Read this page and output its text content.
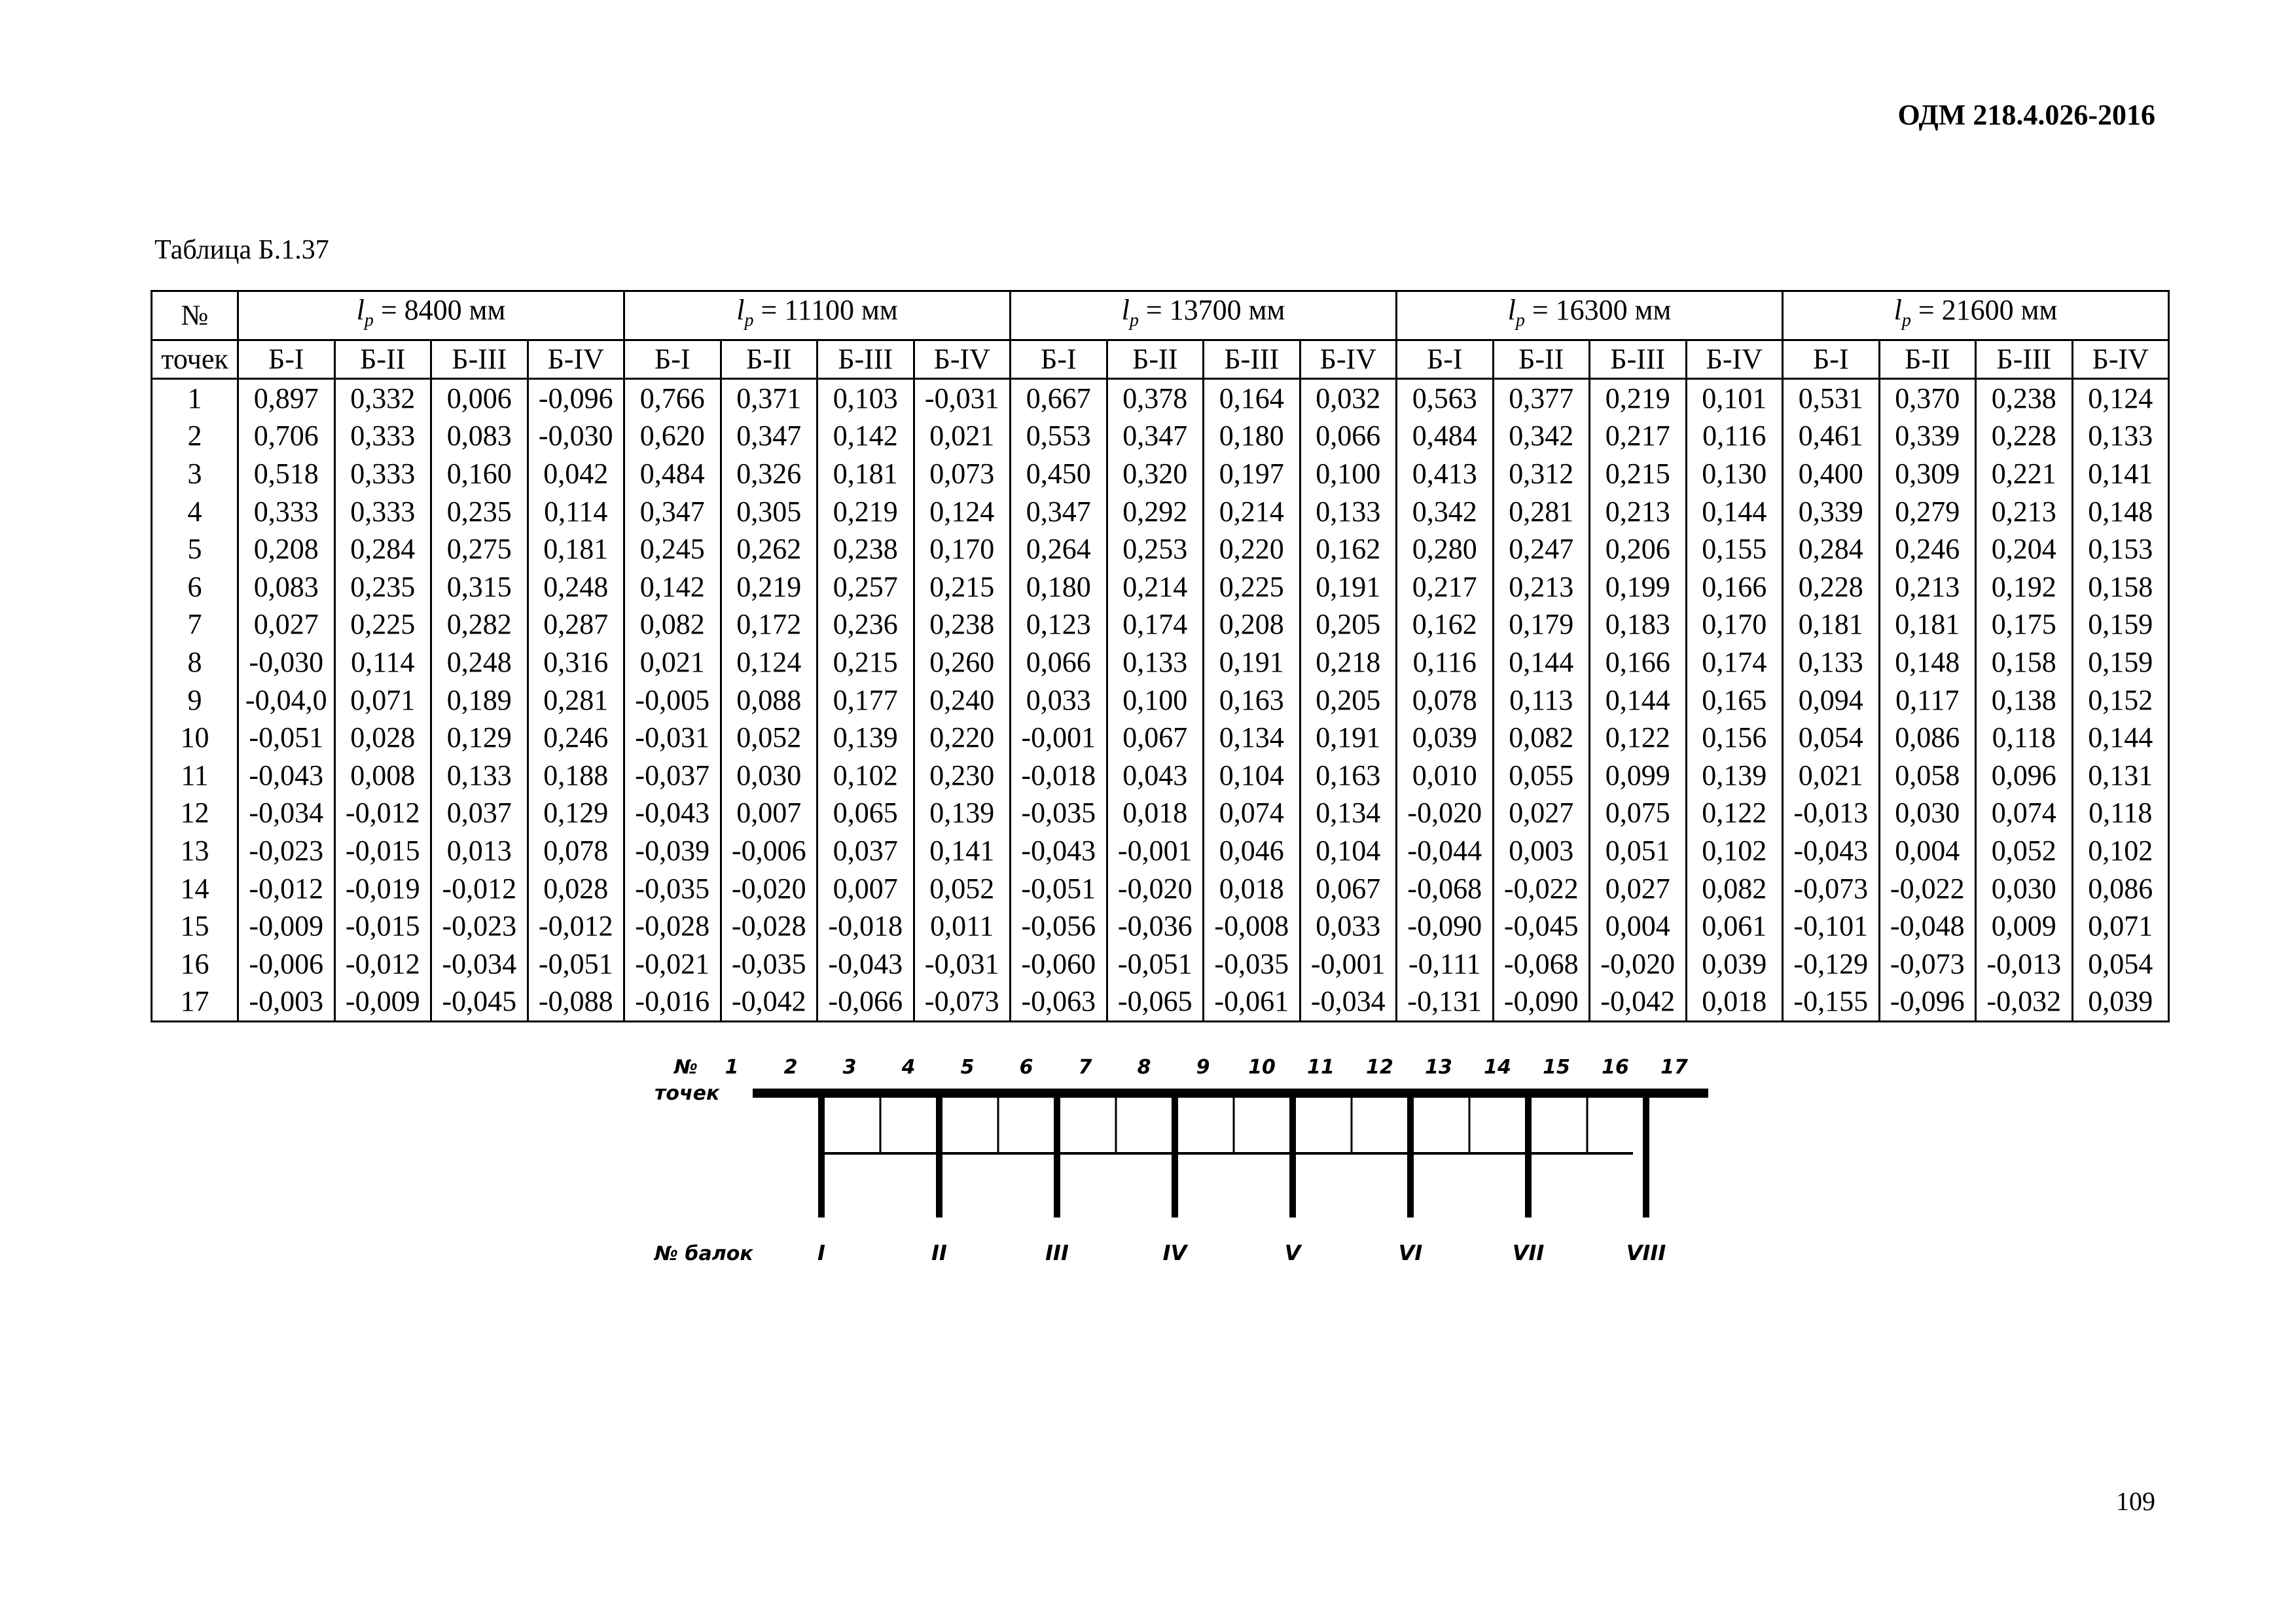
ОДМ 218.4.026-2016
Таблица Б.1.37
№	$l_p = 8400$ мм				$l_p = 11100$ мм				$l_p = 13700$ мм				$l_p = 16300$ мм				$l_p = 21600$ мм			
точек	Б-I	Б-II	Б-III	Б-IV	Б-I	Б-II	Б-III	Б-IV	Б-I	Б-II	Б-III	Б-IV	Б-I	Б-II	Б-III	Б-IV	Б-I	Б-II	Б-III	Б-IV
1	0,897	0,332	0,006	-0,096	0,766	0,371	0,103	-0,031	0,667	0,378	0,164	0,032	0,563	0,377	0,219	0,101	0,531	0,370	0,238	0,124
2	0,706	0,333	0,083	-0,030	0,620	0,347	0,142	0,021	0,553	0,347	0,180	0,066	0,484	0,342	0,217	0,116	0,461	0,339	0,228	0,133
3	0,518	0,333	0,160	0,042	0,484	0,326	0,181	0,073	0,450	0,320	0,197	0,100	0,413	0,312	0,215	0,130	0,400	0,309	0,221	0,141
4	0,333	0,333	0,235	0,114	0,347	0,305	0,219	0,124	0,347	0,292	0,214	0,133	0,342	0,281	0,213	0,144	0,339	0,279	0,213	0,148
5	0,208	0,284	0,275	0,181	0,245	0,262	0,238	0,170	0,264	0,253	0,220	0,162	0,280	0,247	0,206	0,155	0,284	0,246	0,204	0,153
6	0,083	0,235	0,315	0,248	0,142	0,219	0,257	0,215	0,180	0,214	0,225	0,191	0,217	0,213	0,199	0,166	0,228	0,213	0,192	0,158
7	0,027	0,225	0,282	0,287	0,082	0,172	0,236	0,238	0,123	0,174	0,208	0,205	0,162	0,179	0,183	0,170	0,181	0,181	0,175	0,159
8	-0,030	0,114	0,248	0,316	0,021	0,124	0,215	0,260	0,066	0,133	0,191	0,218	0,116	0,144	0,166	0,174	0,133	0,148	0,158	0,159
9	-0,04,0	0,071	0,189	0,281	-0,005	0,088	0,177	0,240	0,033	0,100	0,163	0,205	0,078	0,113	0,144	0,165	0,094	0,117	0,138	0,152
10	-0,051	0,028	0,129	0,246	-0,031	0,052	0,139	0,220	-0,001	0,067	0,134	0,191	0,039	0,082	0,122	0,156	0,054	0,086	0,118	0,144
11	-0,043	0,008	0,133	0,188	-0,037	0,030	0,102	0,230	-0,018	0,043	0,104	0,163	0,010	0,055	0,099	0,139	0,021	0,058	0,096	0,131
12	-0,034	-0,012	0,037	0,129	-0,043	0,007	0,065	0,139	-0,035	0,018	0,074	0,134	-0,020	0,027	0,075	0,122	-0,013	0,030	0,074	0,118
13	-0,023	-0,015	0,013	0,078	-0,039	-0,006	0,037	0,141	-0,043	-0,001	0,046	0,104	-0,044	0,003	0,051	0,102	-0,043	0,004	0,052	0,102
14	-0,012	-0,019	-0,012	0,028	-0,035	-0,020	0,007	0,052	-0,051	-0,020	0,018	0,067	-0,068	-0,022	0,027	0,082	-0,073	-0,022	0,030	0,086
15	-0,009	-0,015	-0,023	-0,012	-0,028	-0,028	-0,018	0,011	-0,056	-0,036	-0,008	0,033	-0,090	-0,045	0,004	0,061	-0,101	-0,048	0,009	0,071
16	-0,006	-0,012	-0,034	-0,051	-0,021	-0,035	-0,043	-0,031	-0,060	-0,051	-0,035	-0,001	-0,111	-0,068	-0,020	0,039	-0,129	-0,073	-0,013	0,054
17	-0,003	-0,009	-0,045	-0,088	-0,016	-0,042	-0,066	-0,073	-0,063	-0,065	-0,061	-0,034	-0,131	-0,090	-0,042	0,018	-0,155	-0,096	-0,032	0,039
№
точек
1 2 3 4 5 6 7 8 9 10 11 12 13 14 15 16 17
№ балок	I	II	III	IV	V	VI	VII	VIII
109
